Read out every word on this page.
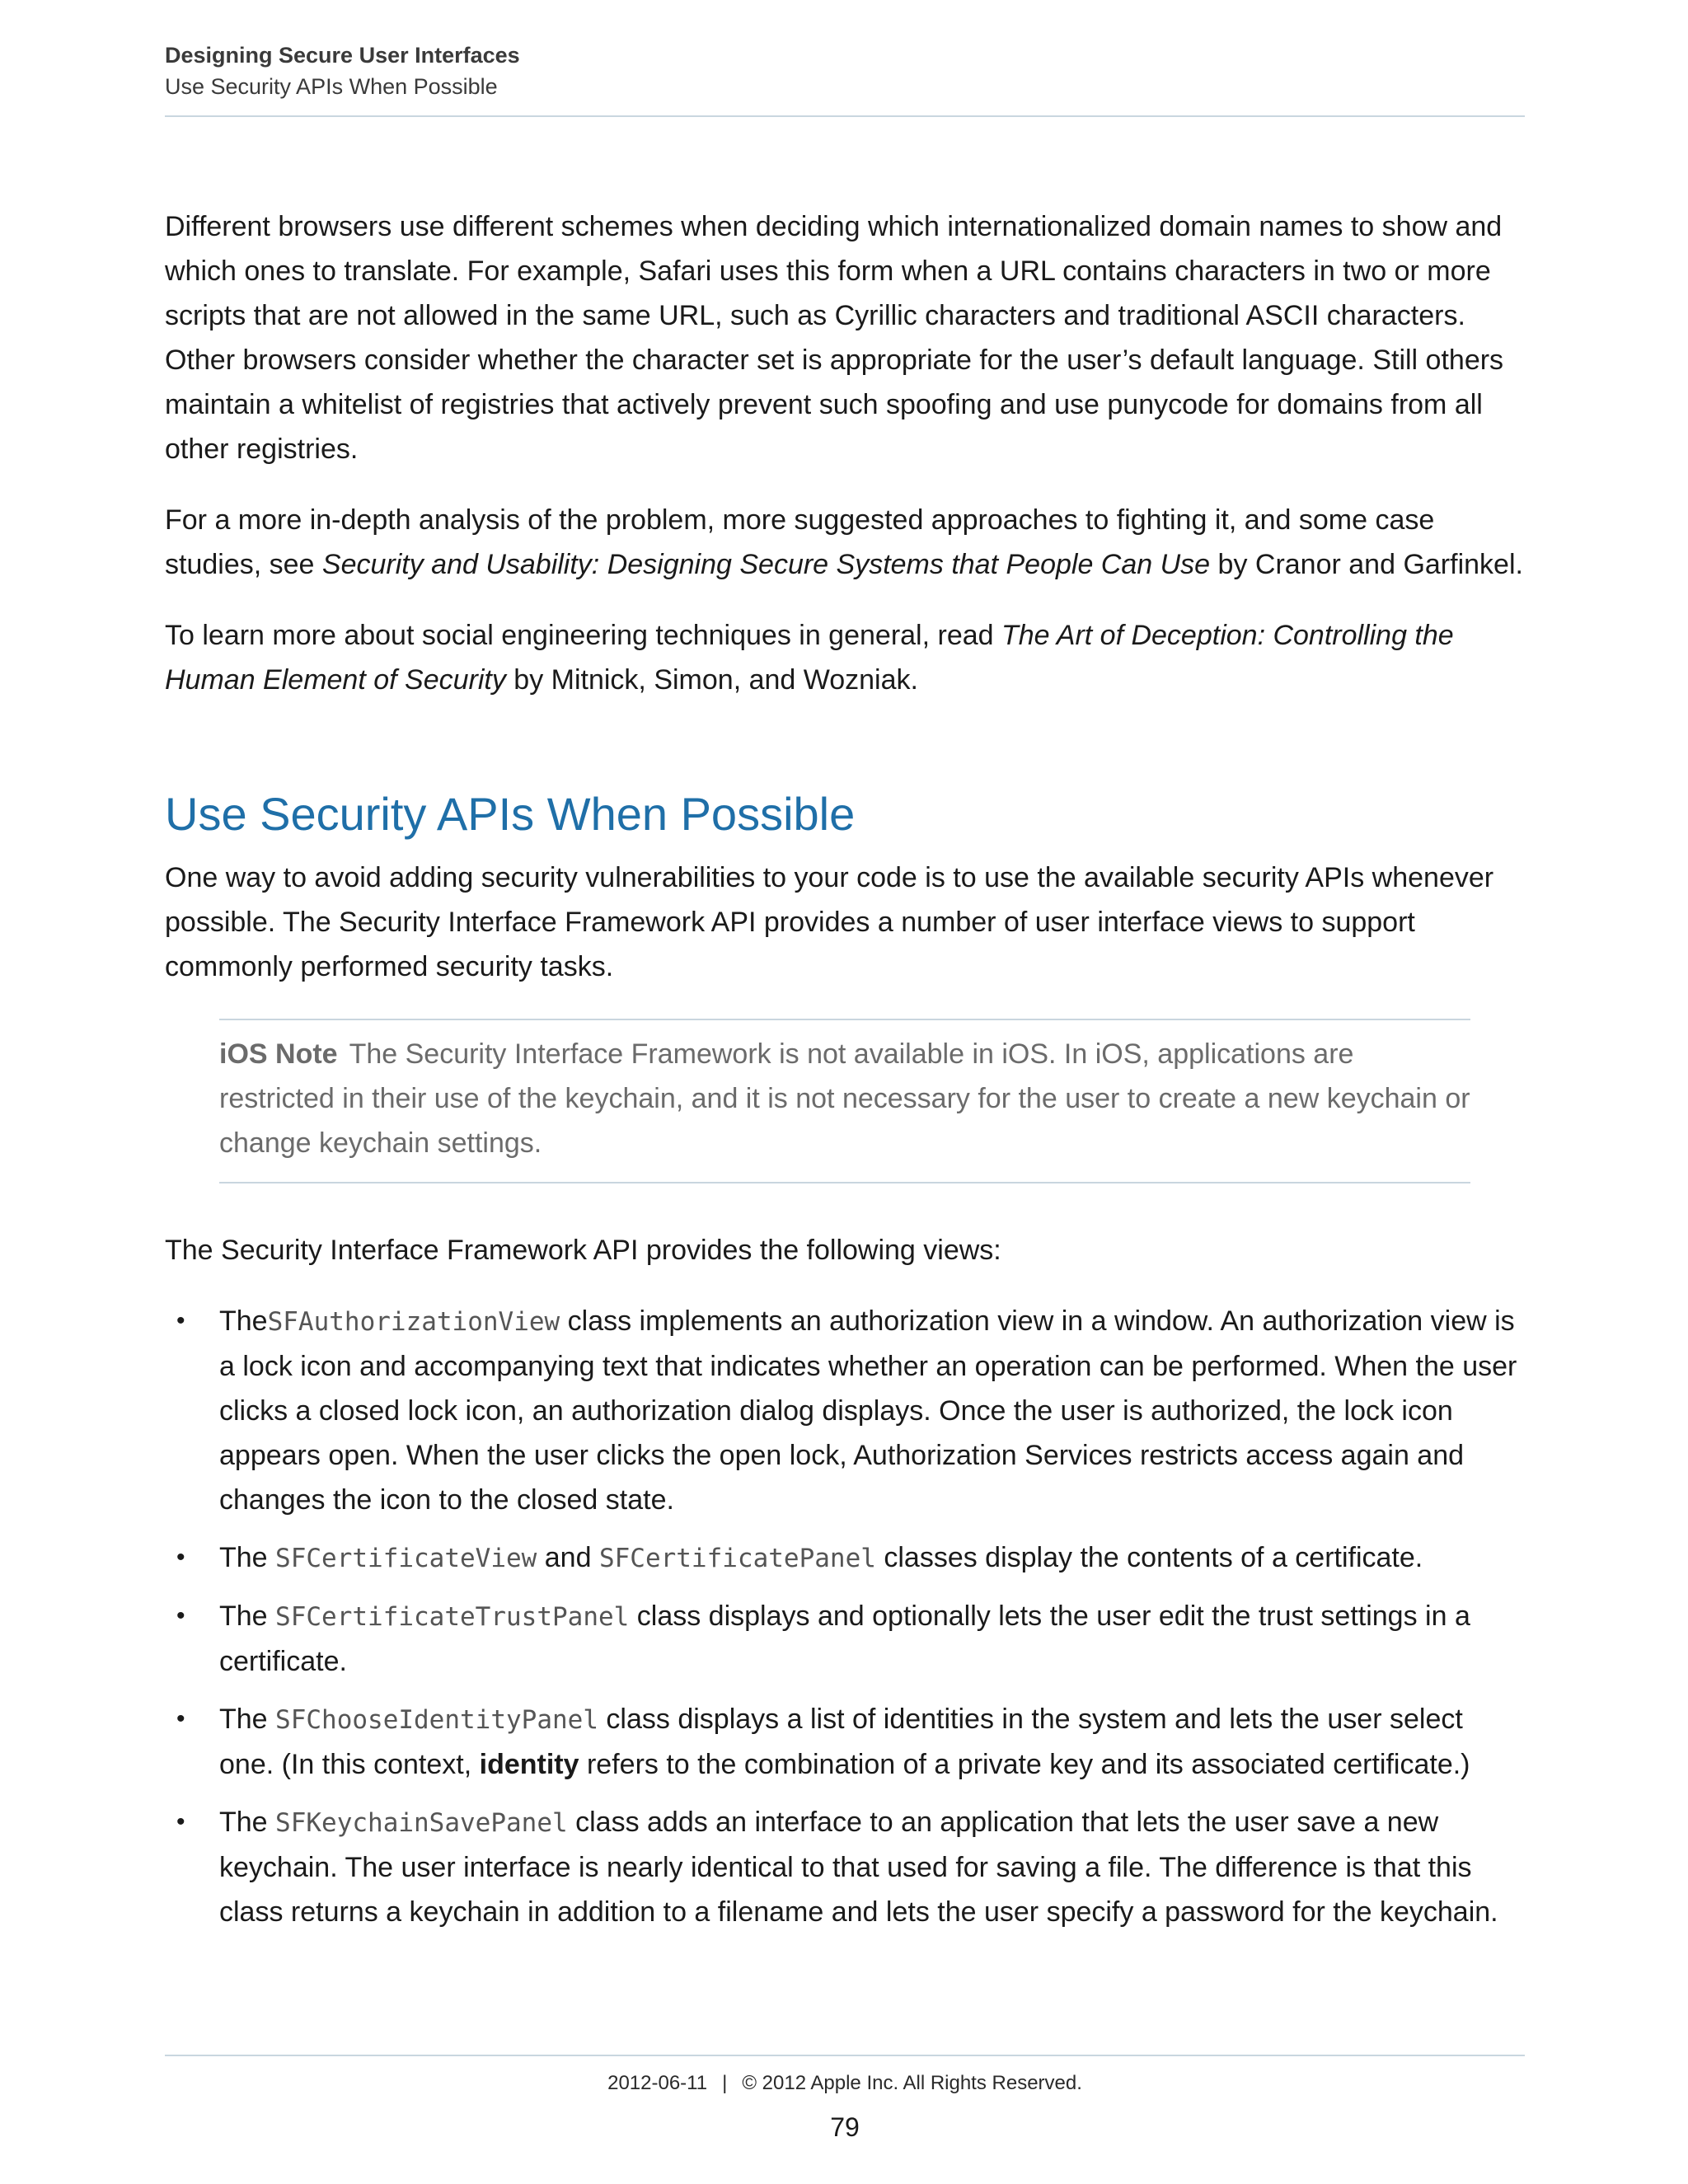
Designing Secure User Interfaces
Use Security APIs When Possible

Different browsers use different schemes when deciding which internationalized domain names to show and which ones to translate. For example, Safari uses this form when a URL contains characters in two or more scripts that are not allowed in the same URL, such as Cyrillic characters and traditional ASCII characters. Other browsers consider whether the character set is appropriate for the user’s default language. Still others maintain a whitelist of registries that actively prevent such spoofing and use punycode for domains from all other registries.

For a more in-depth analysis of the problem, more suggested approaches to fighting it, and some case studies, see Security and Usability: Designing Secure Systems that People Can Use by Cranor and Garfinkel.

To learn more about social engineering techniques in general, read The Art of Deception: Controlling the Human Element of Security by Mitnick, Simon, and Wozniak.

Use Security APIs When Possible

One way to avoid adding security vulnerabilities to your code is to use the available security APIs whenever possible. The Security Interface Framework API provides a number of user interface views to support commonly performed security tasks.

iOS Note The Security Interface Framework is not available in iOS. In iOS, applications are restricted in their use of the keychain, and it is not necessary for the user to create a new keychain or change keychain settings.

The Security Interface Framework API provides the following views:

• TheSFAuthorizationView class implements an authorization view in a window. An authorization view is a lock icon and accompanying text that indicates whether an operation can be performed. When the user clicks a closed lock icon, an authorization dialog displays. Once the user is authorized, the lock icon appears open. When the user clicks the open lock, Authorization Services restricts access again and changes the icon to the closed state.
• The SFCertificateView and SFCertificatePanel classes display the contents of a certificate.
• The SFCertificateTrustPanel class displays and optionally lets the user edit the trust settings in a certificate.
• The SFChooseIdentityPanel class displays a list of identities in the system and lets the user select one. (In this context, identity refers to the combination of a private key and its associated certificate.)
• The SFKeychainSavePanel class adds an interface to an application that lets the user save a new keychain. The user interface is nearly identical to that used for saving a file. The difference is that this class returns a keychain in addition to a filename and lets the user specify a password for the keychain.
2012-06-11 | © 2012 Apple Inc. All Rights Reserved.
79
